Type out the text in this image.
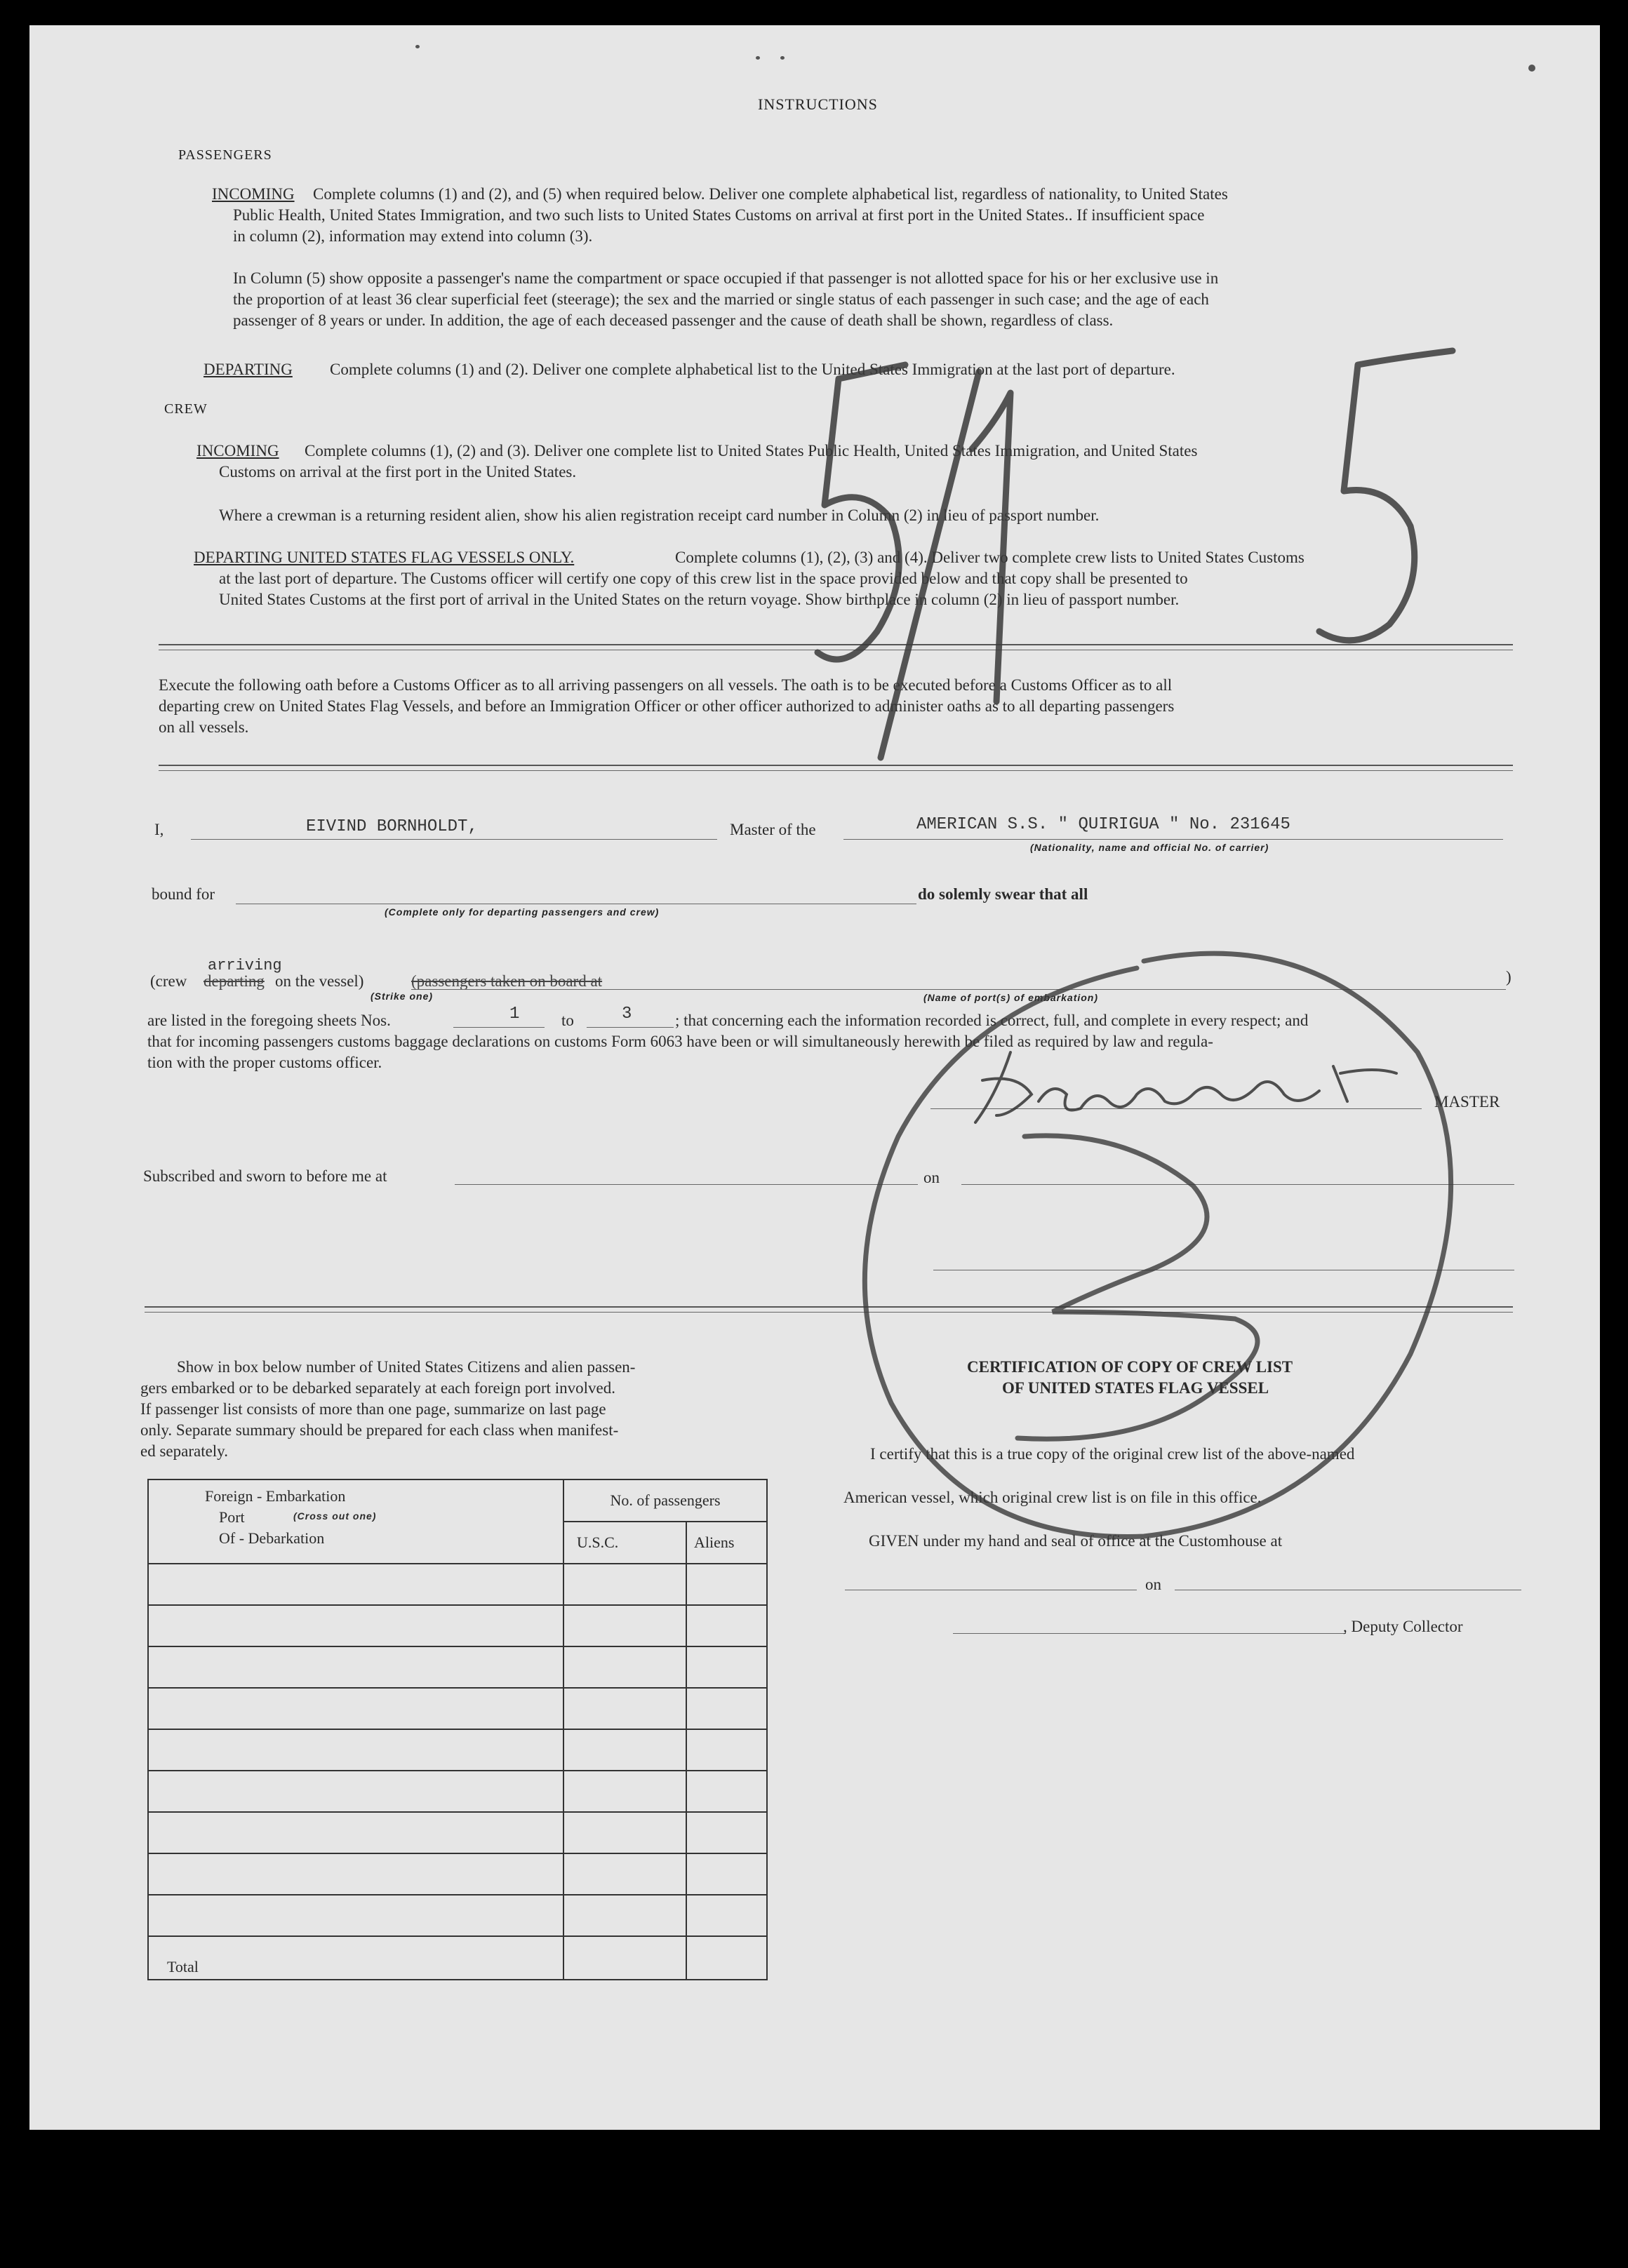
INSTRUCTIONS
PASSENGERS
INCOMING Complete columns (1) and (2), and (5) when required below. Deliver one complete alphabetical list, regardless of nationality, to United States
Public Health, United States Immigration, and two such lists to United States Customs on arrival at first port in the United States.. If insufficient space
in column (2), information may extend into column (3).
In Column (5) show opposite a passenger's name the compartment or space occupied if that passenger is not allotted space for his or her exclusive use in
the proportion of at least 36 clear superficial feet (steerage); the sex and the married or single status of each passenger in such case; and the age of each
passenger of 8 years or under. In addition, the age of each deceased passenger and the cause of death shall be shown, regardless of class.
DEPARTING Complete columns (1) and (2). Deliver one complete alphabetical list to the United States Immigration at the last port of departure.
CREW
INCOMING Complete columns (1), (2) and (3). Deliver one complete list to United States Public Health, United States Immigration, and United States
Customs on arrival at the first port in the United States.
Where a crewman is a returning resident alien, show his alien registration receipt card number in Column (2) in lieu of passport number.
DEPARTING UNITED STATES FLAG VESSELS ONLY.	Complete columns (1), (2), (3) and (4). Deliver two complete crew lists to United States Customs
at the last port of departure. The Customs officer will certify one copy of this crew list in the space provided below and that copy shall be presented to
United States Customs at the first port of arrival in the United States on the return voyage. Show birthplace in column (2) in lieu of passport number.
Execute the following oath before a Customs Officer as to all arriving passengers on all vessels. The oath is to be executed before a Customs Officer as to all
departing crew on United States Flag Vessels, and before an Immigration Officer or other officer authorized to administer oaths as to all departing passengers
on all vessels.
I,	EIVIND BORNHOLDT,	Master of the	AMERICAN S.S. " QUIRIGUA " No. 231645
(Nationality, name and official No. of carrier)
bound for
(Complete only for departing passengers and crew)
do solemly swear that all
(crew
arriving
departing on the vessel)	(passengers taken on board at	)
(Strike one)	(Name of port(s) of embarkation)
are listed in the foregoing sheets Nos.	1	to	3	; that concerning each the information recorded is correct, full, and complete in every respect; and
that for incoming passengers customs baggage declarations on customs Form 6063 have been or will simultaneously herewith be filed as required by law and regula-
tion with the proper customs officer.
MASTER
Subscribed and sworn to before me at	on
Show in box below number of United States Citizens and alien passen-
gers embarked or to be debarked separately at each foreign port involved.
If passenger list consists of more than one page, summarize on last page
only. Separate summary should be prepared for each class when manifest-
ed separately.
Foreign - Embarkation
Port (Cross out one)
Of - Debarkation	No. of passengers	
	U.S.C.	Aliens

Total		
CERTIFICATION OF COPY OF CREW LIST
OF UNITED STATES FLAG VESSEL
I certify that this is a true copy of the original crew list of the above-named
American vessel, which original crew list is on file in this office.
GIVEN under my hand and seal of office at the Customhouse at
on
, Deputy Collector
